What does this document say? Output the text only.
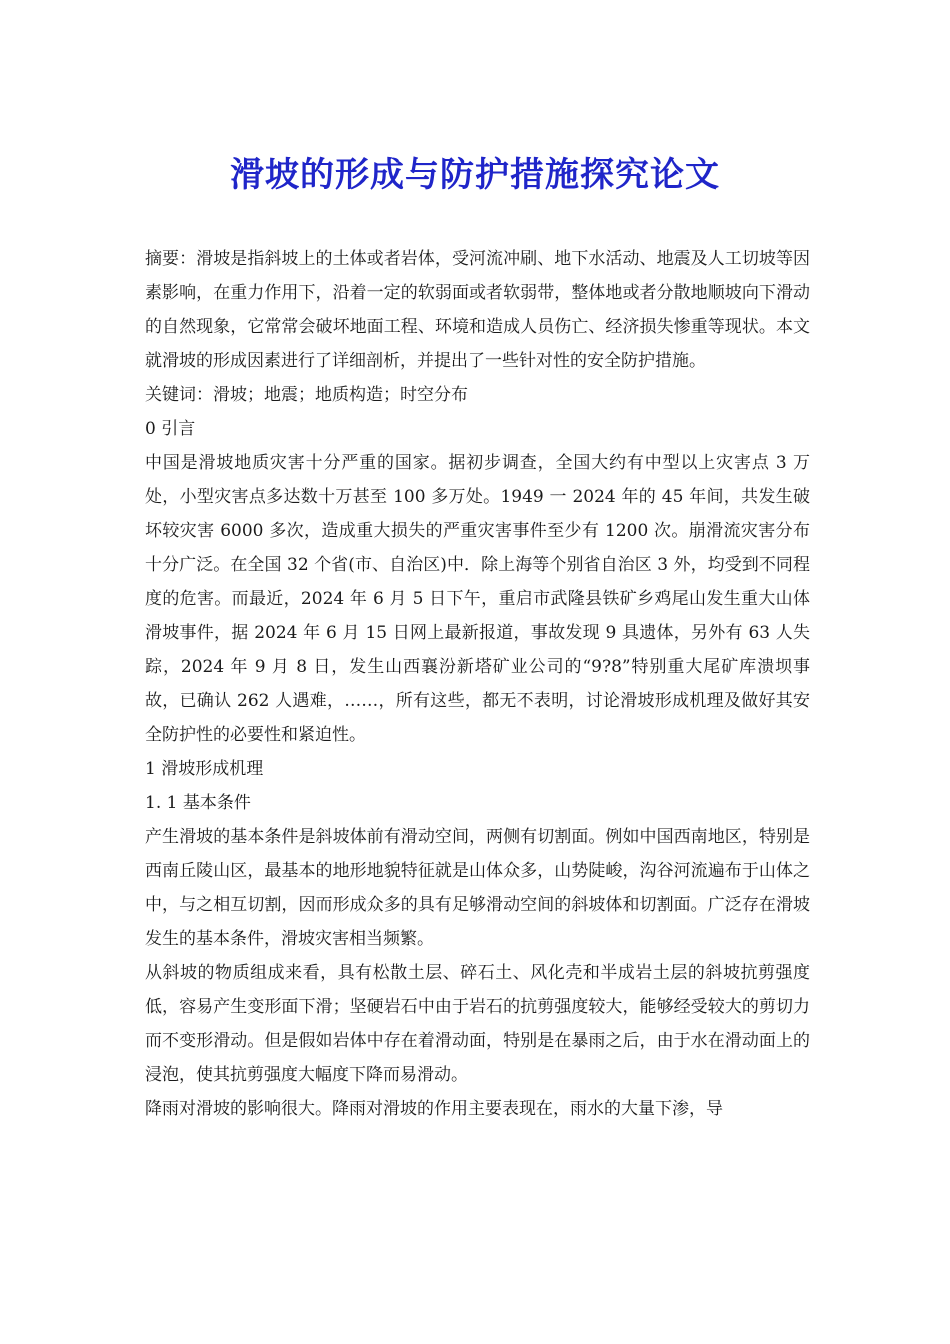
滑坡的形成与防护措施探究论文

摘要：滑坡是指斜坡上的土体或者岩体，受河流冲刷、地下水活动、地震及人工切坡等因素影响，在重力作用下，沿着一定的软弱面或者软弱带，整体地或者分散地顺坡向下滑动的自然现象，它常常会破坏地面工程、环境和造成人员伤亡、经济损失惨重等现状。本文就滑坡的形成因素进行了详细剖析，并提出了一些针对性的安全防护措施。

关键词：滑坡；地震；地质构造；时空分布

0 引言

中国是滑坡地质灾害十分严重的国家。据初步调查，全国大约有中型以上灾害点 3 万处，小型灾害点多达数十万甚至 100 多万处。1949 一 2024 年的 45 年间，共发生破坏较灾害 6000 多次，造成重大损失的严重灾害事件至少有 1200 次。崩滑流灾害分布十分广泛。在全国 32 个省(市、自治区)中．除上海等个别省自治区 3 外，均受到不同程度的危害。而最近，2024 年 6 月 5 日下午，重启市武隆县铁矿乡鸡尾山发生重大山体滑坡事件，据 2024 年 6 月 15 日网上最新报道，事故发现 9 具遗体，另外有 63 人失踪，2024 年 9 月 8 日，发生山西襄汾新塔矿业公司的“9?8”特别重大尾矿库溃坝事故，已确认 262 人遇难，……，所有这些，都无不表明，讨论滑坡形成机理及做好其安全防护性的必要性和紧迫性。

1 滑坡形成机理

1. 1 基本条件

产生滑坡的基本条件是斜坡体前有滑动空间，两侧有切割面。例如中国西南地区，特别是西南丘陵山区，最基本的地形地貌特征就是山体众多，山势陡峻，沟谷河流遍布于山体之中，与之相互切割，因而形成众多的具有足够滑动空间的斜坡体和切割面。广泛存在滑坡发生的基本条件，滑坡灾害相当频繁。

从斜坡的物质组成来看，具有松散土层、碎石土、风化壳和半成岩土层的斜坡抗剪强度低，容易产生变形面下滑；坚硬岩石中由于岩石的抗剪强度较大，能够经受较大的剪切力而不变形滑动。但是假如岩体中存在着滑动面，特别是在暴雨之后，由于水在滑动面上的浸泡，使其抗剪强度大幅度下降而易滑动。

降雨对滑坡的影响很大。降雨对滑坡的作用主要表现在，雨水的大量下渗，导
